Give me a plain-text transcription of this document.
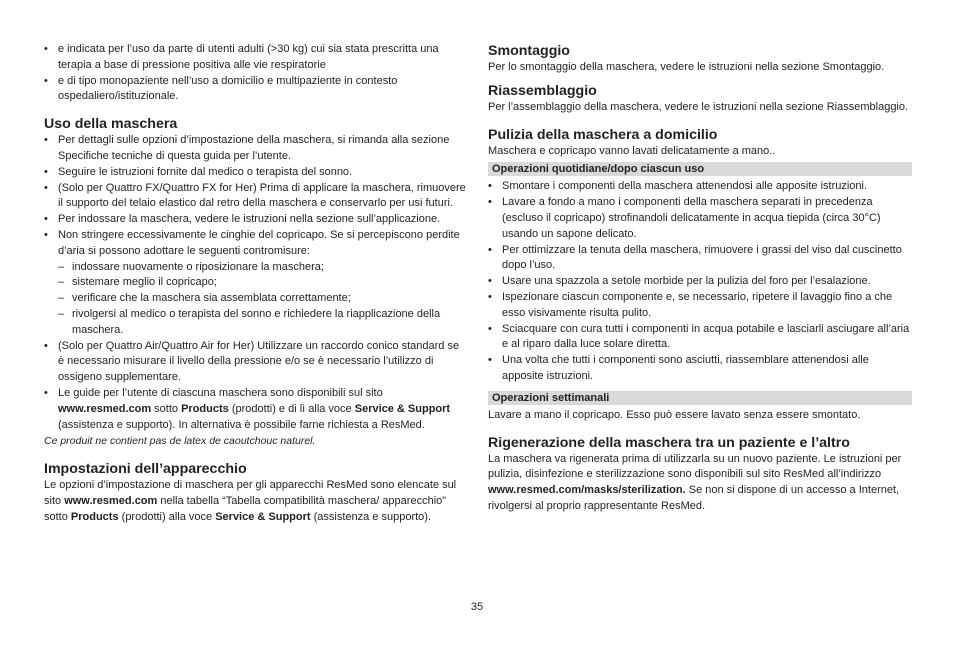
• e indicata per l’uso da parte di utenti adulti (>30 kg) cui sia stata prescritta una terapia a base di pressione positiva alle vie respiratorie
• e di tipo monopaziente nell’uso a domicilio e multipaziente in contesto ospedaliero/istituzionale.
Uso della maschera
• Per dettagli sulle opzioni d’impostazione della maschera, si rimanda alla sezione Specifiche tecniche di questa guida per l’utente.
• Seguire le istruzioni fornite dal medico o terapista del sonno.
• (Solo per Quattro FX/Quattro FX for Her) Prima di applicare la maschera, rimuovere il supporto del telaio elastico dal retro della maschera e conservarlo per usi futuri.
• Per indossare la maschera, vedere le istruzioni nella sezione sull’applicazione.
• Non stringere eccessivamente le cinghie del copricapo. Se si percepiscono perdite d’aria si possono adottare le seguenti contromisure:
– indossare nuovamente o riposizionare la maschera;
– sistemare meglio il copricapo;
– verificare che la maschera sia assemblata correttamente;
– rivolgersi al medico o terapista del sonno e richiedere la riapplicazione della maschera.
• (Solo per Quattro Air/Quattro Air for Her) Utilizzare un raccordo conico standard se è necessario misurare il livello della pressione e/o se è necessario l’utilizzo di ossigeno supplementare.
• Le guide per l’utente di ciascuna maschera sono disponibili sul sito www.resmed.com sotto Products (prodotti) e di lì alla voce Service & Support (assistenza e supporto). In alternativa è possibile farne richiesta a ResMed.

Ce produit ne contient pas de latex de caoutchouc naturel.

Impostazioni dell’apparecchio

Le opzioni d’impostazione di maschera per gli apparecchi ResMed sono elencate sul sito www.resmed.com nella tabella “Tabella compatibilità maschera/ apparecchio” sotto Products (prodotti) alla voce Service & Support (assistenza e supporto).

Smontaggio

Per lo smontaggio della maschera, vedere le istruzioni nella sezione Smontaggio.

Riassemblaggio

Per l’assemblaggio della maschera, vedere le istruzioni nella sezione Riassemblaggio.

Pulizia della maschera a domicilio

Maschera e copricapo vanno lavati delicatamente a mano..

Operazioni quotidiane/dopo ciascun uso
• Smontare i componenti della maschera attenendosi alle apposite istruzioni.
• Lavare a fondo a mano i componenti della maschera separati in precedenza (escluso il copricapo) strofinandoli delicatamente in acqua tiepida (circa 30°C) usando un sapone delicato.
• Per ottimizzare la tenuta della maschera, rimuovere i grassi del viso dal cuscinetto dopo l’uso.
• Usare una spazzola a setole morbide per la pulizia del foro per l’esalazione.
• Ispezionare ciascun componente e, se necessario, ripetere il lavaggio fino a che esso visivamente risulta pulito.
• Sciacquare con cura tutti i componenti in acqua potabile e lasciarli asciugare all’aria e al riparo dalla luce solare diretta.
• Una volta che tutti i componenti sono asciutti, riassemblare attenendosi alle apposite istruzioni.
Operazioni settimanali

Lavare a mano il copricapo. Esso può essere lavato senza essere smontato.

Rigenerazione della maschera tra un paziente e l’altro

La maschera va rigenerata prima di utilizzarla su un nuovo paziente. Le istruzioni per pulizia, disinfezione e sterilizzazione sono disponibili sul sito ResMed all’indirizzo www.resmed.com/masks/sterilization. Se non si dispone di un accesso a Internet, rivolgersi al proprio rappresentante ResMed.

35
